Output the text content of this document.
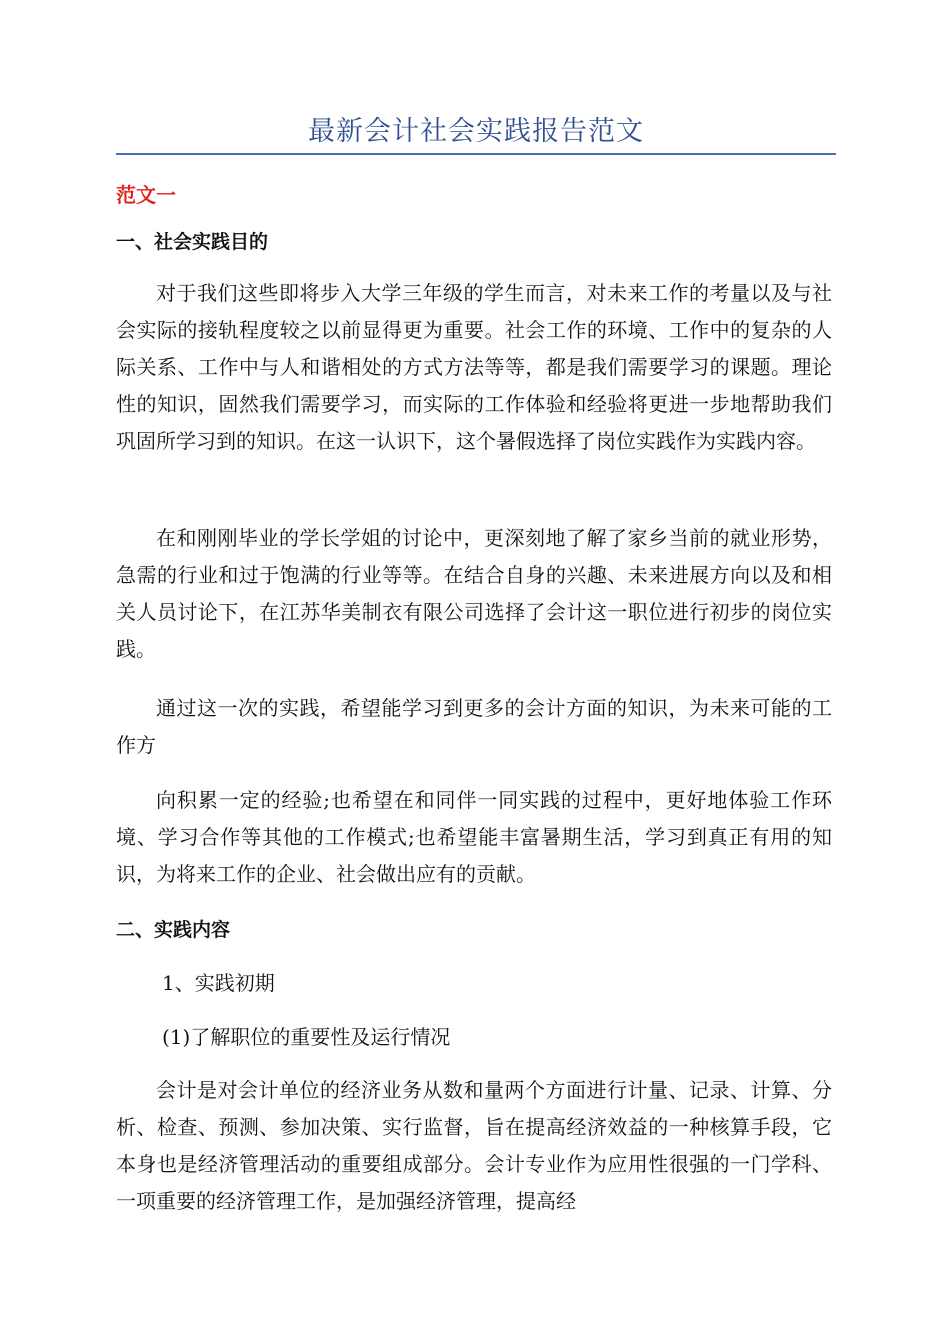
最新会计社会实践报告范文
范文一
一、社会实践目的

对于我们这些即将步入大学三年级的学生而言，对未来工作的考量以及与社会实际的接轨程度较之以前显得更为重要。社会工作的环境、工作中的复杂的人际关系、工作中与人和谐相处的方式方法等等，都是我们需要学习的课题。理论性的知识，固然我们需要学习，而实际的工作体验和经验将更进一步地帮助我们巩固所学习到的知识。在这一认识下，这个暑假选择了岗位实践作为实践内容。

在和刚刚毕业的学长学姐的讨论中，更深刻地了解了家乡当前的就业形势，急需的行业和过于饱满的行业等等。在结合自身的兴趣、未来进展方向以及和相关人员讨论下，在江苏华美制衣有限公司选择了会计这一职位进行初步的岗位实践。

通过这一次的实践，希望能学习到更多的会计方面的知识，为未来可能的工作方

向积累一定的经验;也希望在和同伴一同实践的过程中，更好地体验工作环境、学习合作等其他的工作模式;也希望能丰富暑期生活，学习到真正有用的知识，为将来工作的企业、社会做出应有的贡献。

二、实践内容
1、实践初期
(1)了解职位的重要性及运行情况

会计是对会计单位的经济业务从数和量两个方面进行计量、记录、计算、分析、检查、预测、参加决策、实行监督，旨在提高经济效益的一种核算手段，它本身也是经济管理活动的重要组成部分。会计专业作为应用性很强的一门学科、一项重要的经济管理工作，是加强经济管理，提高经
